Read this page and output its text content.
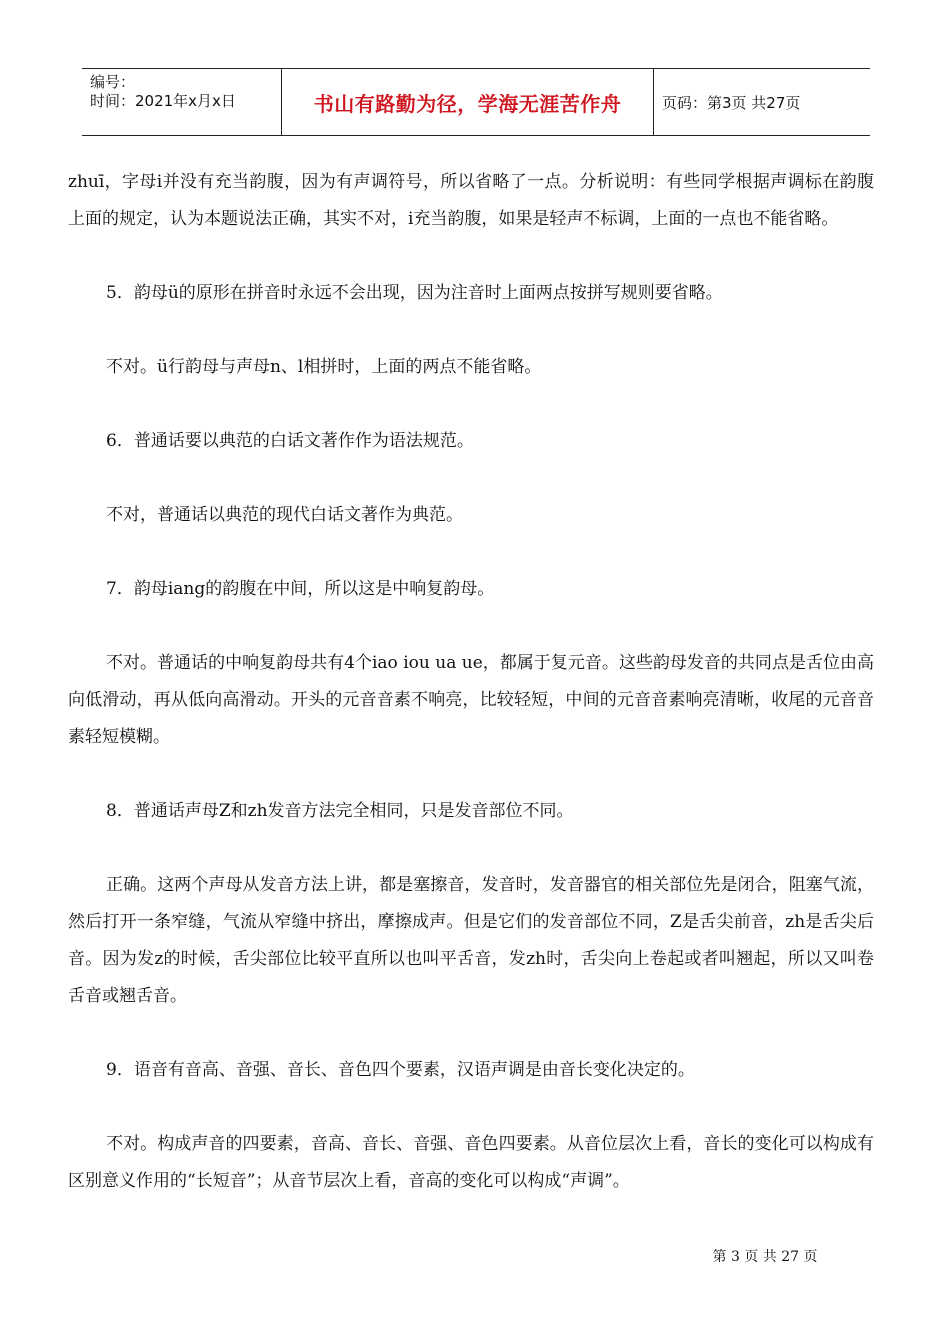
编号：
时间：2021年x月x日	书山有路勤为径，学海无涯苦作舟	页码：第3页 共27页

zhuī，字母i并没有充当韵腹，因为有声调符号，所以省略了一点。分析说明：有些同学根据声调标在韵腹上面的规定，认为本题说法正确，其实不对，i充当韵腹，如果是轻声不标调，上面的一点也不能省略。

5．韵母ü的原形在拼音时永远不会出现，因为注音时上面两点按拼写规则要省略。

不对。ü行韵母与声母n、l相拼时，上面的两点不能省略。

6．普通话要以典范的白话文著作作为语法规范。

不对，普通话以典范的现代白话文著作为典范。

7．韵母iang的韵腹在中间，所以这是中响复韵母。

不对。普通话的中响复韵母共有4个iao iou ua ue，都属于复元音。这些韵母发音的共同点是舌位由高向低滑动，再从低向高滑动。开头的元音音素不响亮，比较轻短，中间的元音音素响亮清晰，收尾的元音音素轻短模糊。

8．普通话声母Z和zh发音方法完全相同，只是发音部位不同。

正确。这两个声母从发音方法上讲，都是塞擦音，发音时，发音器官的相关部位先是闭合，阻塞气流，然后打开一条窄缝，气流从窄缝中挤出，摩擦成声。但是它们的发音部位不同，Z是舌尖前音，zh是舌尖后音。因为发z的时候，舌尖部位比较平直所以也叫平舌音，发zh时，舌尖向上卷起或者叫翘起，所以又叫卷舌音或翘舌音。

9．语音有音高、音强、音长、音色四个要素，汉语声调是由音长变化决定的。

不对。构成声音的四要素，音高、音长、音强、音色四要素。从音位层次上看，音长的变化可以构成有区别意义作用的“长短音”；从音节层次上看，音高的变化可以构成“声调”。

第 3 页 共 27 页
